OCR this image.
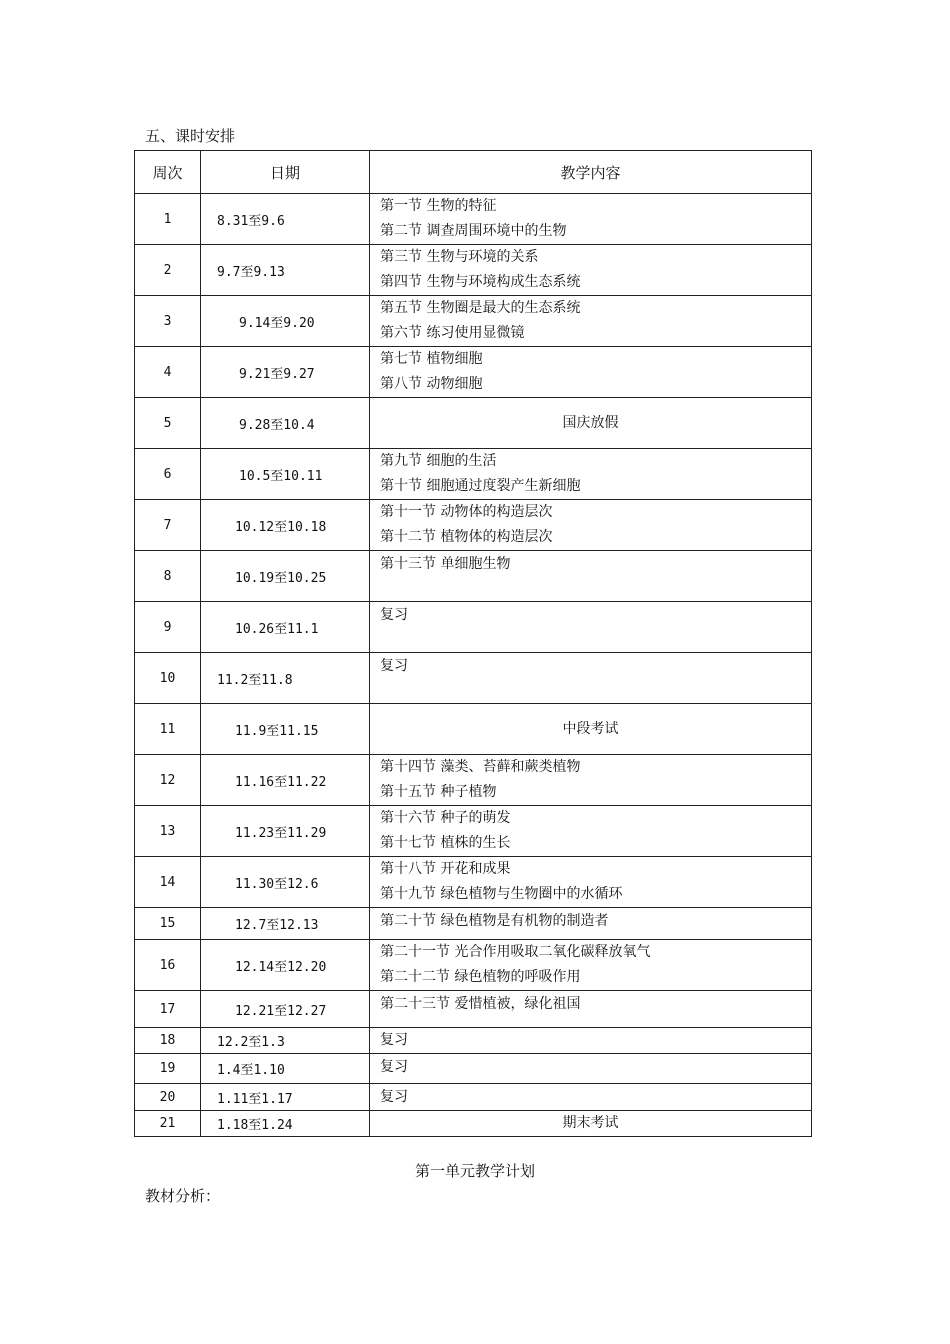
五、课时安排
周次	日期	教学内容
1	8.31至9.6	第一节 生物的特征
第二节 调查周围环境中的生物

2	9.7至9.13	第三节 生物与环境的关系
第四节 生物与环境构成生态系统

3	9.14至9.20	第五节 生物圈是最大的生态系统
第六节 练习使用显微镜

4	9.21至9.27	第七节 植物细胞
第八节 动物细胞

5	9.28至10.4	国庆放假

6	10.5至10.11	第九节 细胞的生活
第十节 细胞通过度裂产生新细胞

7	10.12至10.18	第十一节 动物体的构造层次
第十二节 植物体的构造层次

8	10.19至10.25	第十三节 单细胞生物

9	10.26至11.1	复习

10	11.2至11.8	复习

11	11.9至11.15	中段考试

12	11.16至11.22	第十四节 藻类、苔藓和蕨类植物
第十五节 种子植物

13	11.23至11.29	第十六节 种子的萌发
第十七节 植株的生长

14	11.30至12.6	第十八节 开花和成果
第十九节 绿色植物与生物圈中的水循环

15	12.7至12.13	第二十节 绿色植物是有机物的制造者

16	12.14至12.20	第二十一节 光合作用吸取二氧化碳释放氧气
第二十二节 绿色植物的呼吸作用

17	12.21至12.27	第二十三节 爱惜植被，绿化祖国

18	12.2至1.3	复习

19	1.4至1.10	复习

20	1.11至1.17	复习

21	1.18至1.24	期末考试
第一单元教学计划
教材分析：
